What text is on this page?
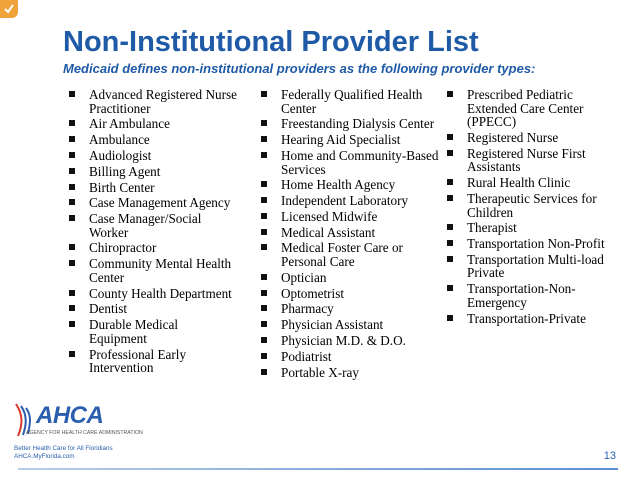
Non-Institutional Provider List
Medicaid defines non-institutional providers as the following provider types:
Advanced Registered Nurse Practitioner
Air Ambulance
Ambulance
Audiologist
Billing Agent
Birth Center
Case Management Agency
Case Manager/Social Worker
Chiropractor
Community Mental Health Center
County Health Department
Dentist
Durable Medical Equipment
Professional Early Intervention
Federally Qualified Health Center
Freestanding Dialysis Center
Hearing Aid Specialist
Home and Community-Based Services
Home Health Agency
Independent Laboratory
Licensed Midwife
Medical Assistant
Medical Foster Care or Personal Care
Optician
Optometrist
Pharmacy
Physician Assistant
Physician M.D. & D.O.
Podiatrist
Portable X-ray
Prescribed Pediatric Extended Care Center (PPECC)
Registered Nurse
Registered Nurse First Assistants
Rural Health Clinic
Therapeutic Services for Children
Therapist
Transportation Non-Profit
Transportation Multi-load Private
Transportation-Non-Emergency
Transportation-Private
AHCA
AGENCY FOR HEALTH CARE ADMINISTRATION
Better Health Care for All Floridians
AHCA.MyFlorida.com	13
